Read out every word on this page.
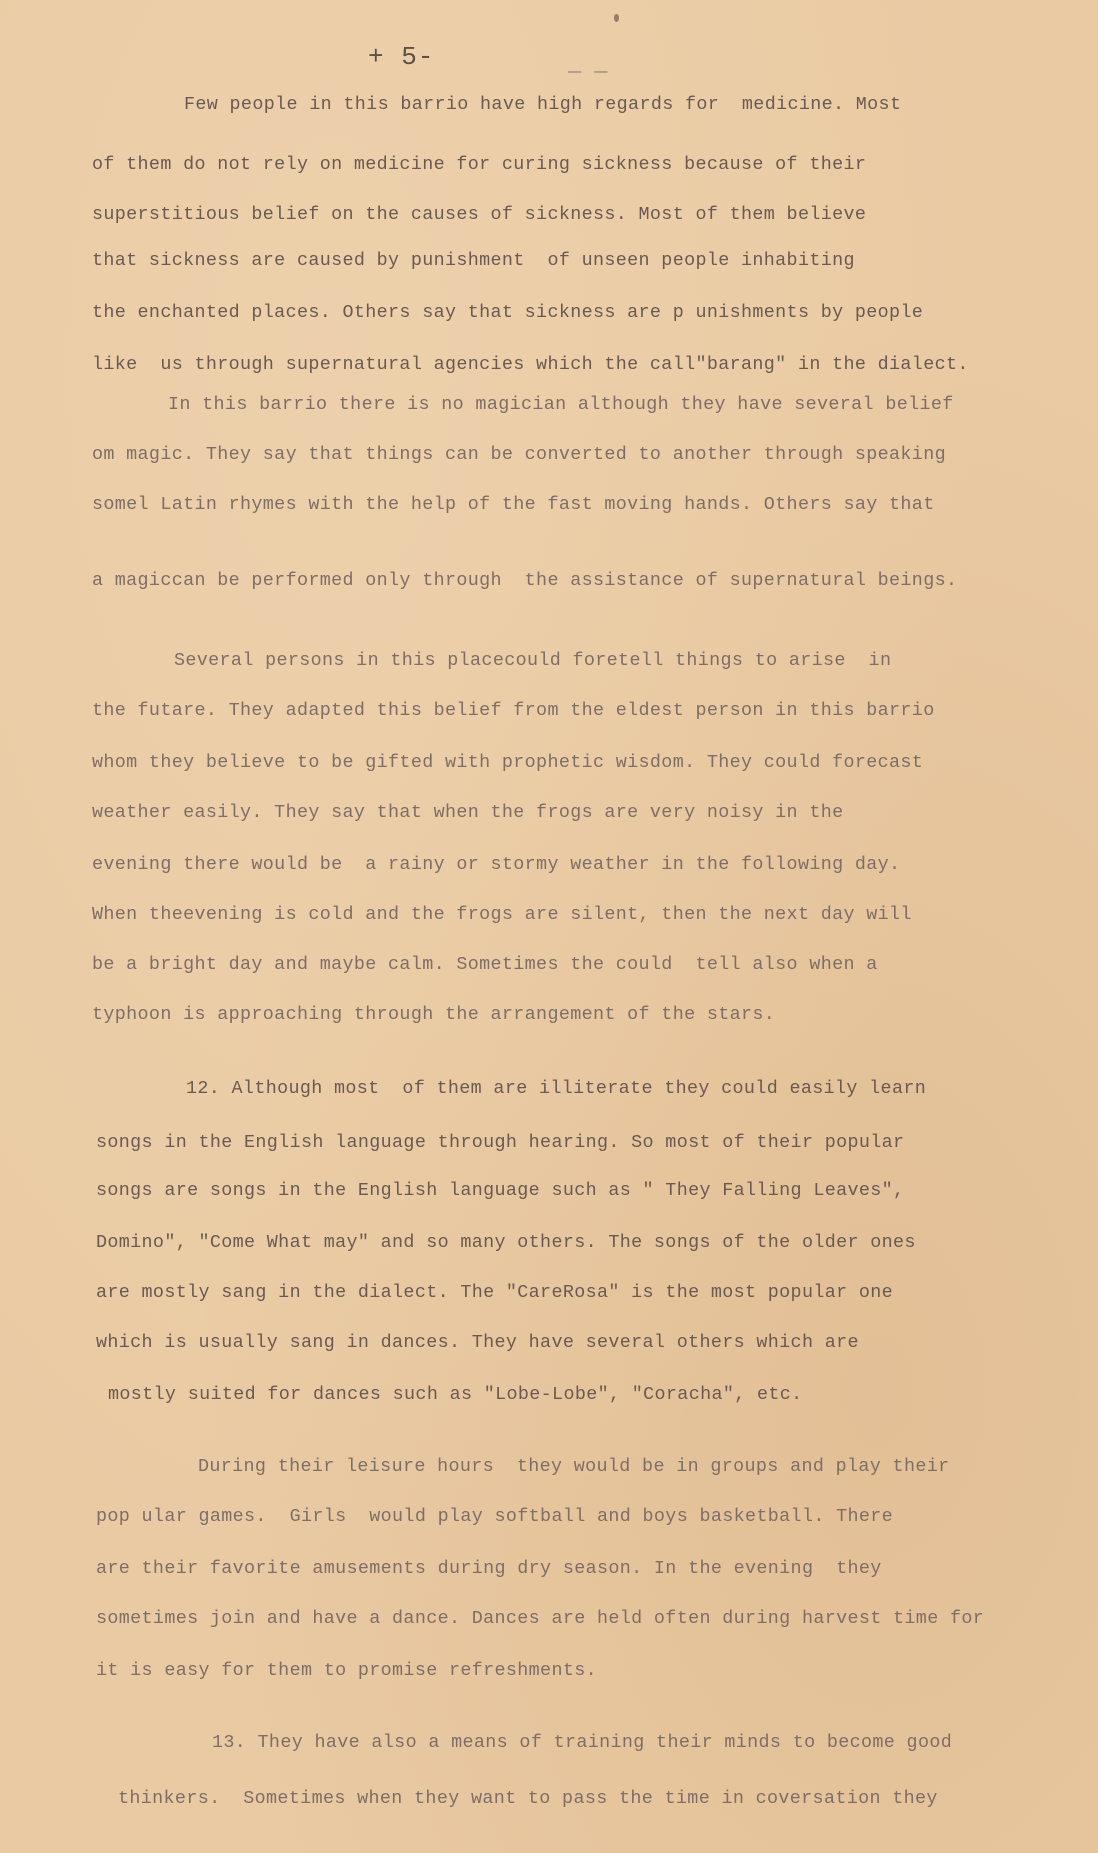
+ 5-	_ _
Few people in this barrio have high regards for  medicine. Most
of them do not rely on medicine for curing sickness because of their
superstitious belief on the causes of sickness. Most of them believe
that sickness are caused by punishment  of unseen people inhabiting
the enchanted places. Others say that sickness are p unishments by people
like  us through supernatural agencies which the call"barang" in the dialect.
In this barrio there is no magician although they have several belief
om magic. They say that things can be converted to another through speaking
somel Latin rhymes with the help of the fast moving hands. Others say that
a magiccan be performed only through  the assistance of supernatural beings.
Several persons in this placecould foretell things to arise  in
the futare. They adapted this belief from the eldest person in this barrio
whom they believe to be gifted with prophetic wisdom. They could forecast
weather easily. They say that when the frogs are very noisy in the
evening there would be  a rainy or stormy weather in the following day.
When theevening is cold and the frogs are silent, then the next day will
be a bright day and maybe calm. Sometimes the could  tell also when a
typhoon is approaching through the arrangement of the stars.
12. Although most  of them are illiterate they could easily learn
songs in the English language through hearing. So most of their popular
songs are songs in the English language such as " They Falling Leaves",
Domino", "Come What may" and so many others. The songs of the older ones
are mostly sang in the dialect. The "CareRosa" is the most popular one
which is usually sang in dances. They have several others which are
mostly suited for dances such as "Lobe-Lobe", "Coracha", etc.
During their leisure hours  they would be in groups and play their
pop ular games.  Girls  would play softball and boys basketball. There
are their favorite amusements during dry season. In the evening  they
sometimes join and have a dance. Dances are held often during harvest time for
it is easy for them to promise refreshments.
13. They have also a means of training their minds to become good
thinkers.  Sometimes when they want to pass the time in coversation they
